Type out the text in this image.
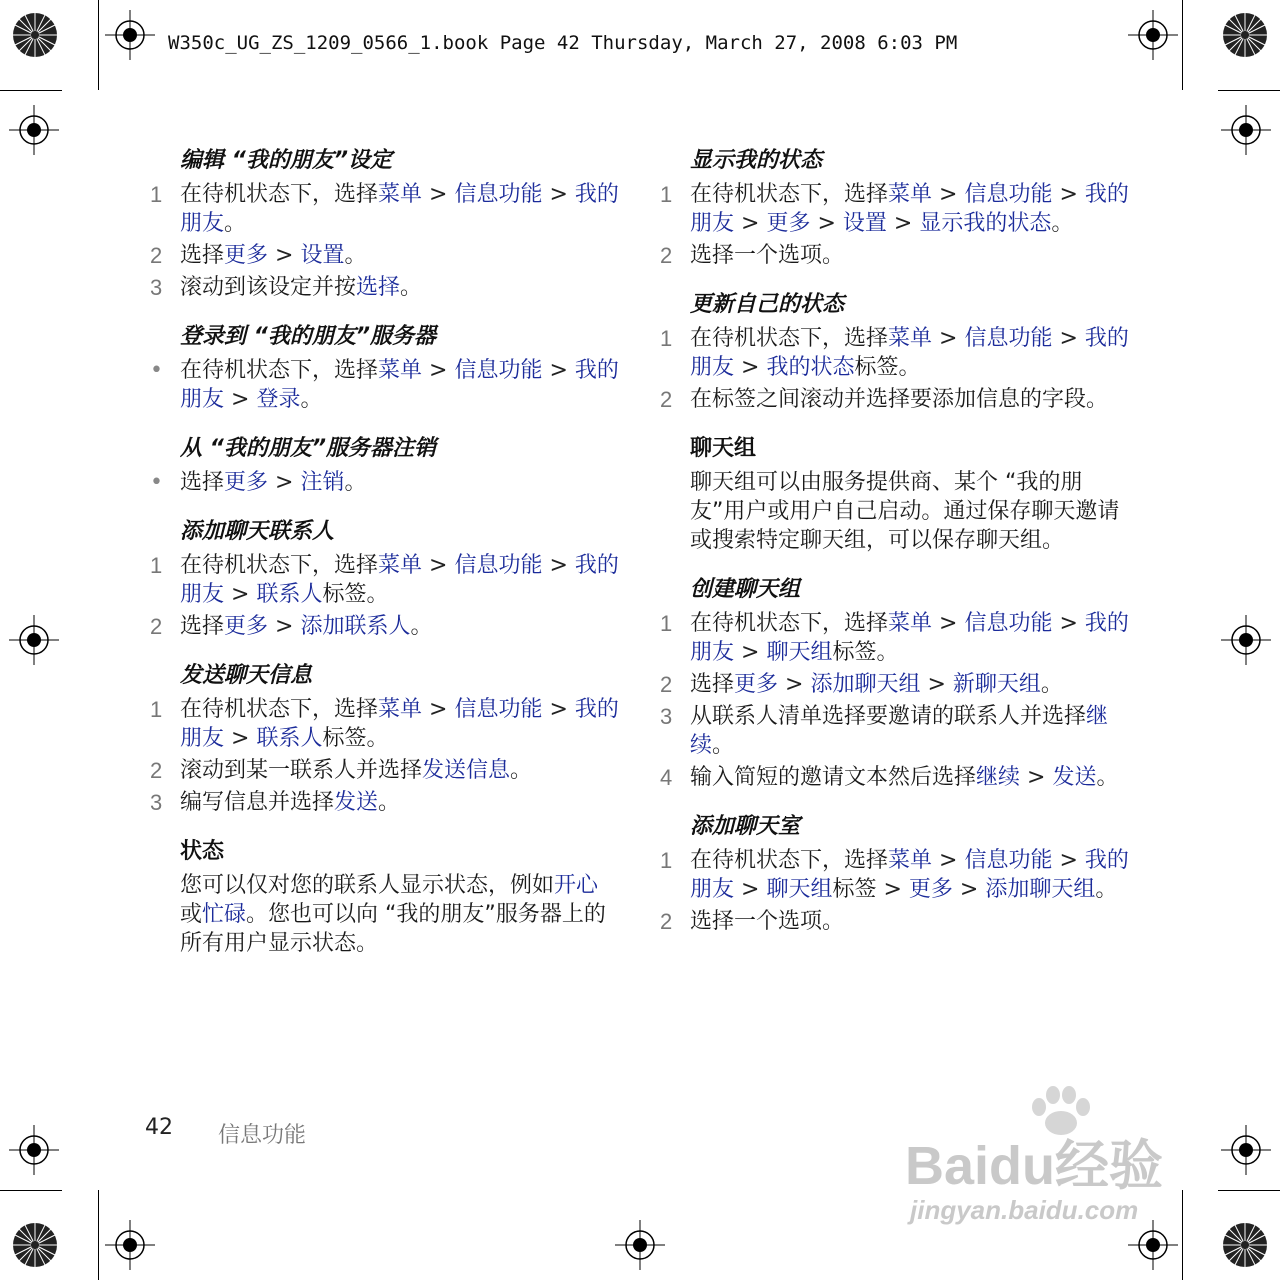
W350c_UG_ZS_1209_0566_1.book Page 42 Thursday, March 27, 2008 6:03 PM
编辑 “我的朋友”设定
1 在待机状态下，选择菜单 > 信息功能 > 我的朋友。
2 选择更多 > 设置。
3 滚动到该设定并按选择。
登录到 “我的朋友”服务器
• 在待机状态下，选择菜单 > 信息功能 > 我的朋友 > 登录。
从 “我的朋友”服务器注销
• 选择更多 > 注销。
添加聊天联系人
1 在待机状态下，选择菜单 > 信息功能 > 我的朋友 > 联系人标签。
2 选择更多 > 添加联系人。
发送聊天信息
1 在待机状态下，选择菜单 > 信息功能 > 我的朋友 > 联系人标签。
2 滚动到某一联系人并选择发送信息。
3 编写信息并选择发送。
状态
您可以仅对您的联系人显示状态，例如开心或忙碌。您也可以向 “我的朋友”服务器上的所有用户显示状态。
显示我的状态
1 在待机状态下，选择菜单 > 信息功能 > 我的朋友 > 更多 > 设置 > 显示我的状态。
2 选择一个选项。
更新自己的状态
1 在待机状态下，选择菜单 > 信息功能 > 我的朋友 > 我的状态标签。
2 在标签之间滚动并选择要添加信息的字段。
聊天组
聊天组可以由服务提供商、某个 “我的朋友”用户或用户自己启动。通过保存聊天邀请或搜索特定聊天组，可以保存聊天组。
创建聊天组
1 在待机状态下，选择菜单 > 信息功能 > 我的朋友 > 聊天组标签。
2 选择更多 > 添加聊天组 > 新聊天组。
3 从联系人清单选择要邀请的联系人并选择继续。
4 输入简短的邀请文本然后选择继续 > 发送。
添加聊天室
1 在待机状态下，选择菜单 > 信息功能 > 我的朋友 > 聊天组标签 > 更多 > 添加聊天组。
2 选择一个选项。
42 信息功能
Baidu经验
jingyan.baidu.com
